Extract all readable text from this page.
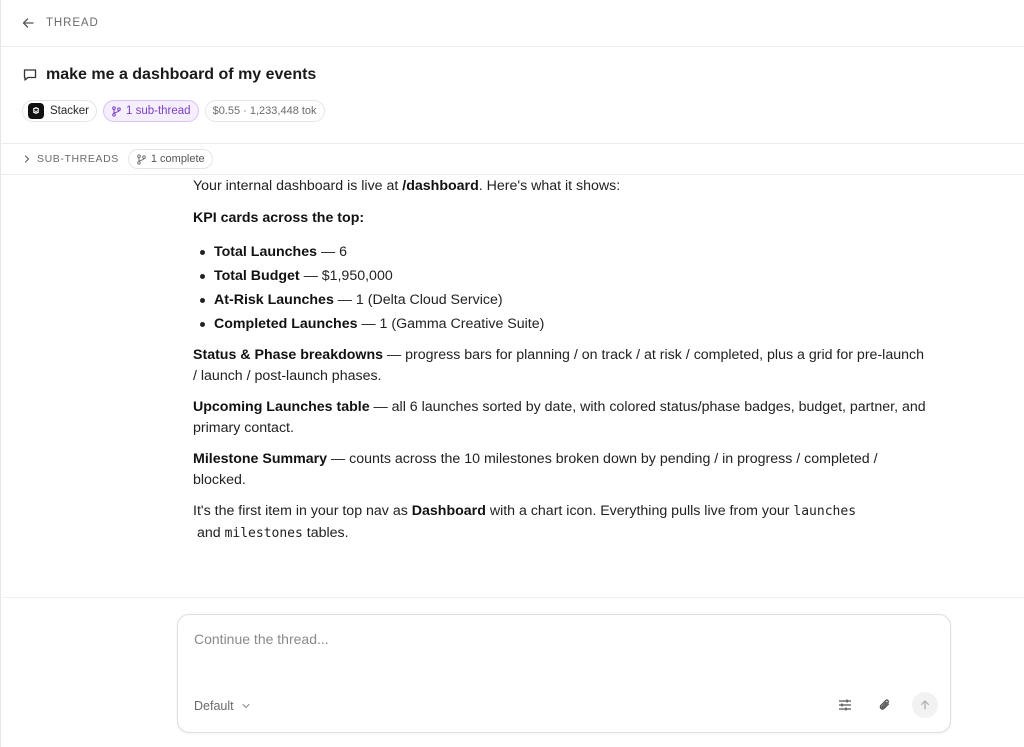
THREAD
make me a dashboard of my events
Stacker	1 sub-thread	$0.55 · 1,233,448 tok
SUB-THREADS	1 complete

Your internal dashboard is live at /dashboard. Here's what it shows:

KPI cards across the top:

Total Launches — 6
Total Budget — $1,950,000
At-Risk Launches — 1 (Delta Cloud Service)
Completed Launches — 1 (Gamma Creative Suite)

Status & Phase breakdowns — progress bars for planning / on track / at risk / completed, plus a grid for pre-launch / launch / post-launch phases.

Upcoming Launches table — all 6 launches sorted by date, with colored status/phase badges, budget, partner, and primary contact.

Milestone Summary — counts across the 10 milestones broken down by pending / in progress / completed / blocked.

It's the first item in your top nav as Dashboard with a chart icon. Everything pulls live from your launches and milestones tables.

Continue the thread...
Default
